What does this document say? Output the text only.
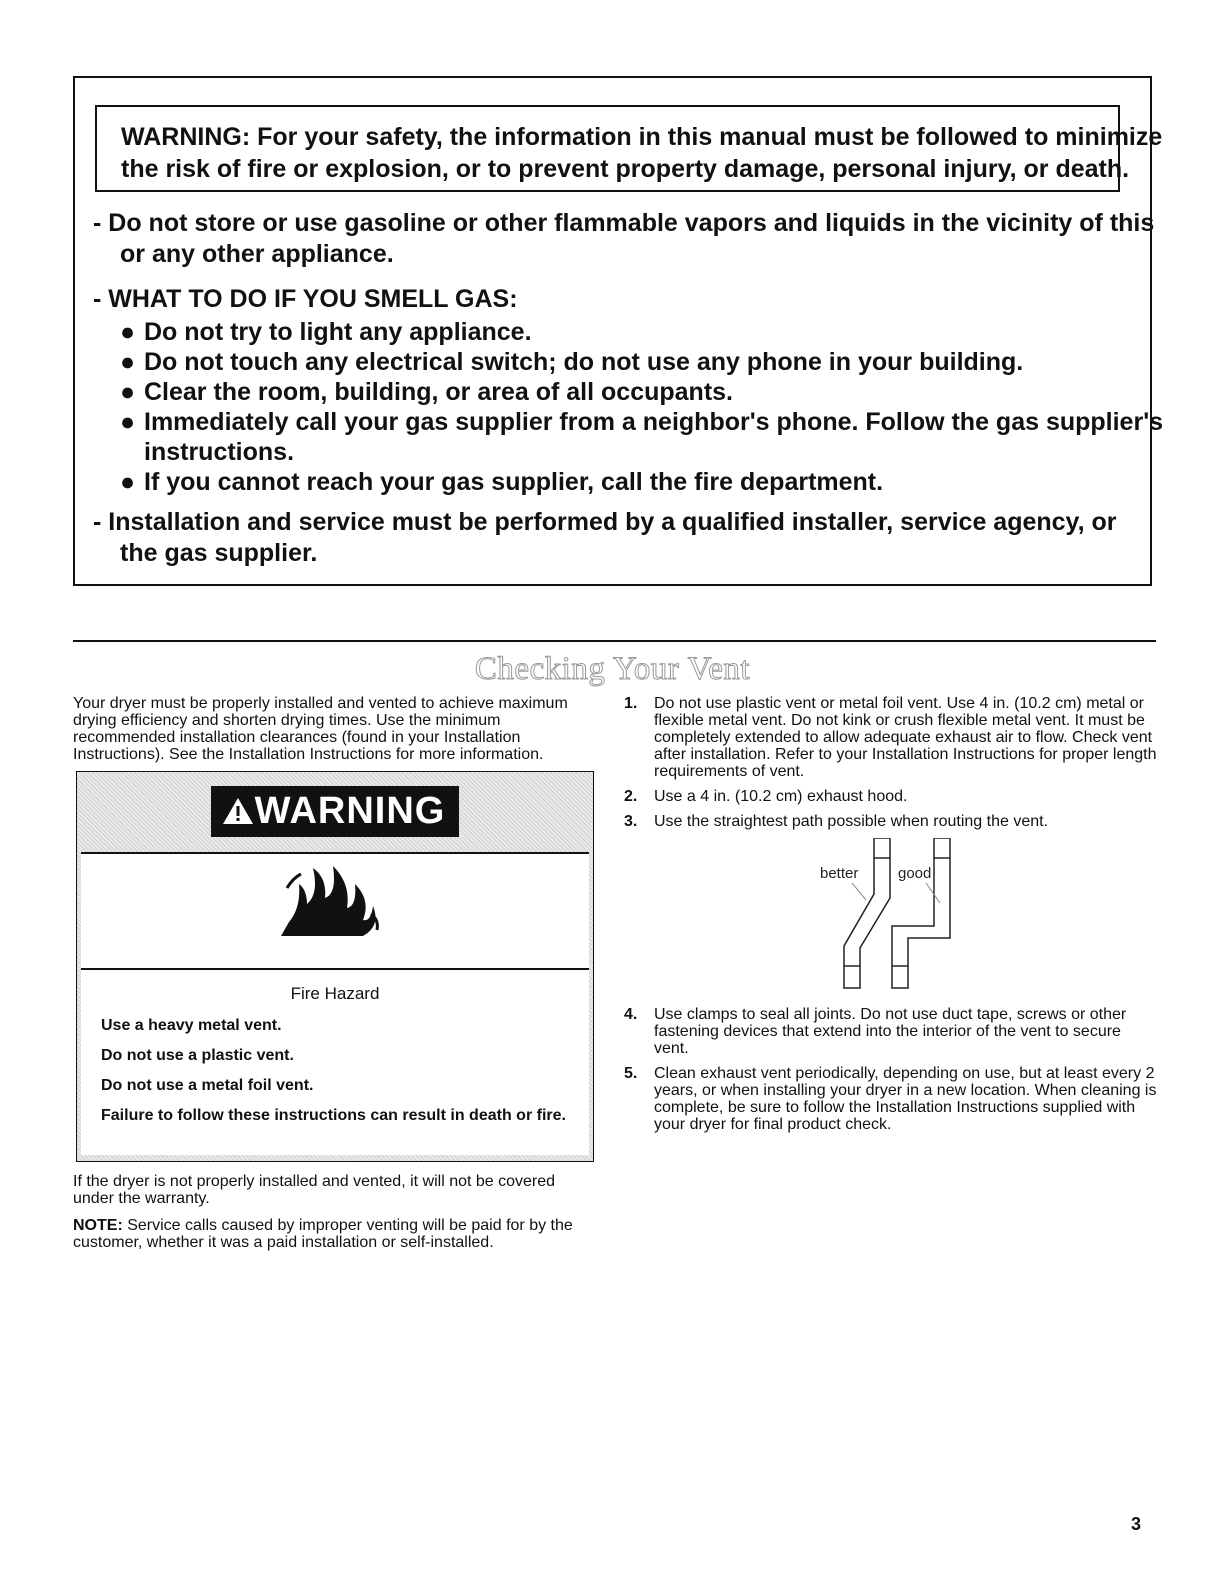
WARNING: For your safety, the information in this manual must be followed to minimize
the risk of fire or explosion, or to prevent property damage, personal injury, or death.
- Do not store or use gasoline or other flammable vapors and liquids in the vicinity of this
or any other appliance.
- WHAT TO DO IF YOU SMELL GAS:
● Do not try to light any appliance.
● Do not touch any electrical switch; do not use any phone in your building.
● Clear the room, building, or area of all occupants.
● Immediately call your gas supplier from a neighbor's phone. Follow the gas supplier's
instructions.
● If you cannot reach your gas supplier, call the fire department.
- Installation and service must be performed by a qualified installer, service agency, or
the gas supplier.
Checking Your Vent

Your dryer must be properly installed and vented to achieve maximum drying efficiency and shorten drying times. Use the minimum recommended installation clearances (found in your Installation Instructions). See the Installation Instructions for more information.

WARNING
Fire Hazard
Use a heavy metal vent.
Do not use a plastic vent.
Do not use a metal foil vent.
Failure to follow these instructions can result in death or fire.

If the dryer is not properly installed and vented, it will not be covered under the warranty.

NOTE: Service calls caused by improper venting will be paid for by the customer, whether it was a paid installation or self-installed.

1.	Do not use plastic vent or metal foil vent. Use 4 in. (10.2 cm) metal or flexible metal vent. Do not kink or crush flexible metal vent. It must be completely extended to allow adequate exhaust air to flow. Check vent after installation. Refer to your Installation Instructions for proper length requirements of vent.
2.	Use a 4 in. (10.2 cm) exhaust hood.
3.	Use the straightest path possible when routing the vent.
better	good
4.	Use clamps to seal all joints. Do not use duct tape, screws or other fastening devices that extend into the interior of the vent to secure vent.
5.	Clean exhaust vent periodically, depending on use, but at least every 2 years, or when installing your dryer in a new location. When cleaning is complete, be sure to follow the Installation Instructions supplied with your dryer for final product check.
3
